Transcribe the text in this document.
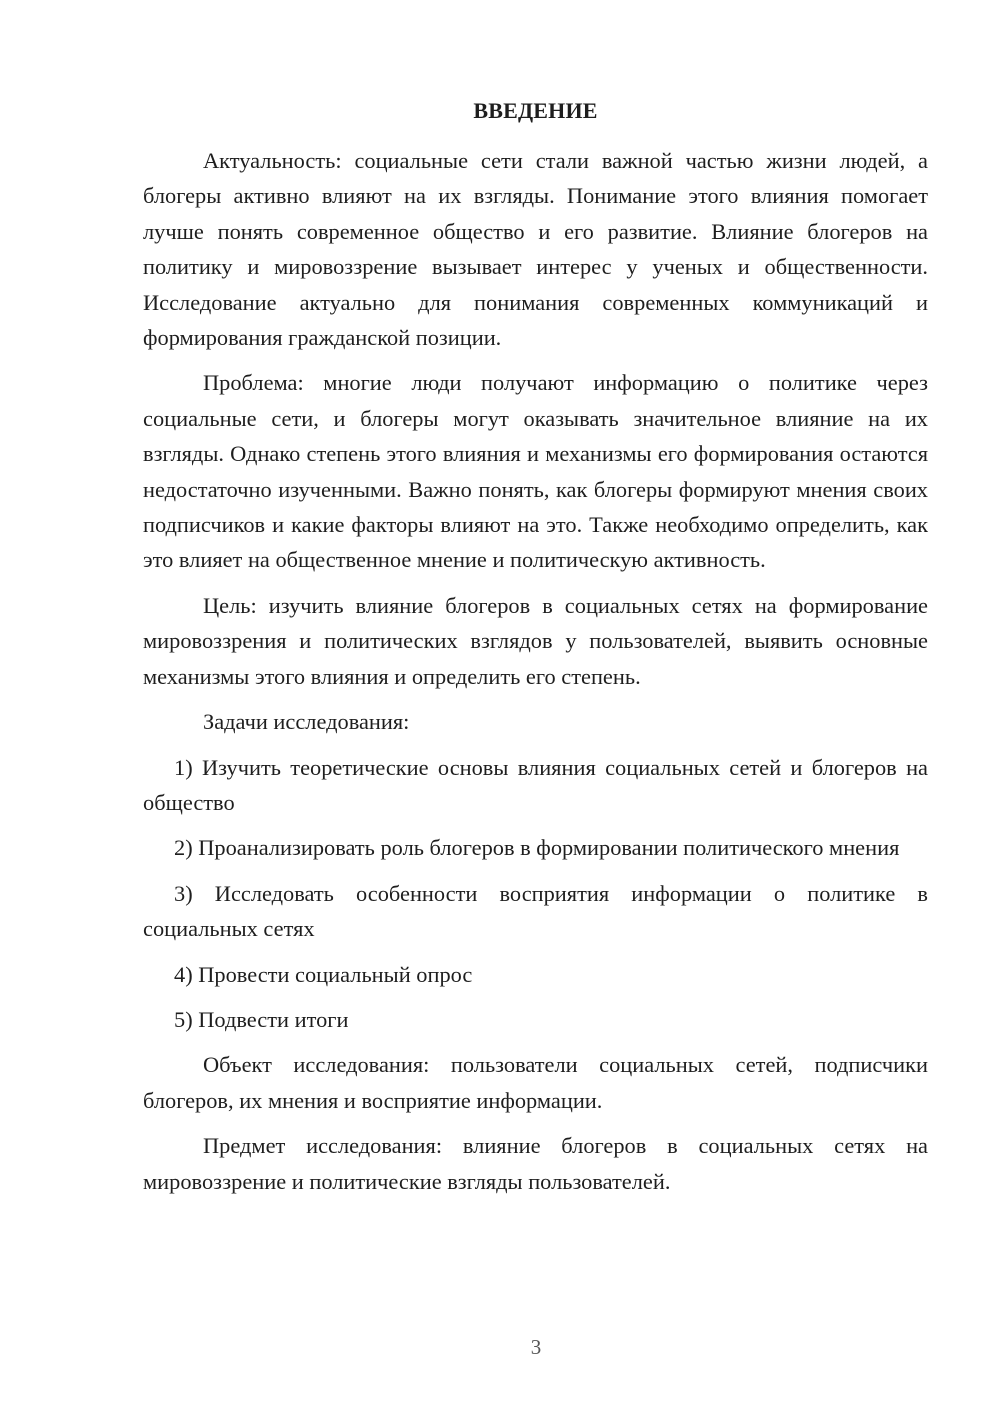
ВВЕДЕНИЕ

Актуальность: социальные сети стали важной частью жизни людей, а блогеры активно влияют на их взгляды. Понимание этого влияния помогает лучше понять современное общество и его развитие. Влияние блогеров на политику и мировоззрение вызывает интерес у ученых и общественности. Исследование актуально для понимания современных коммуникаций и формирования гражданской позиции.

Проблема: многие люди получают информацию о политике через социальные сети, и блогеры могут оказывать значительное влияние на их взгляды. Однако степень этого влияния и механизмы его формирования остаются недостаточно изученными. Важно понять, как блогеры формируют мнения своих подписчиков и какие факторы влияют на это. Также необходимо определить, как это влияет на общественное мнение и политическую активность.

Цель: изучить влияние блогеров в социальных сетях на формирование мировоззрения и политических взглядов у пользователей, выявить основные механизмы этого влияния и определить его степень.

Задачи исследования:

1) Изучить теоретические основы влияния социальных сетей и блогеров на общество

2) Проанализировать роль блогеров в формировании политического мнения

3) Исследовать особенности восприятия информации о политике в социальных сетях

4) Провести социальный опрос

5) Подвести итоги

Объект исследования: пользователи социальных сетей, подписчики блогеров, их мнения и восприятие информации.

Предмет исследования: влияние блогеров в социальных сетях на мировоззрение и политические взгляды пользователей.

3
